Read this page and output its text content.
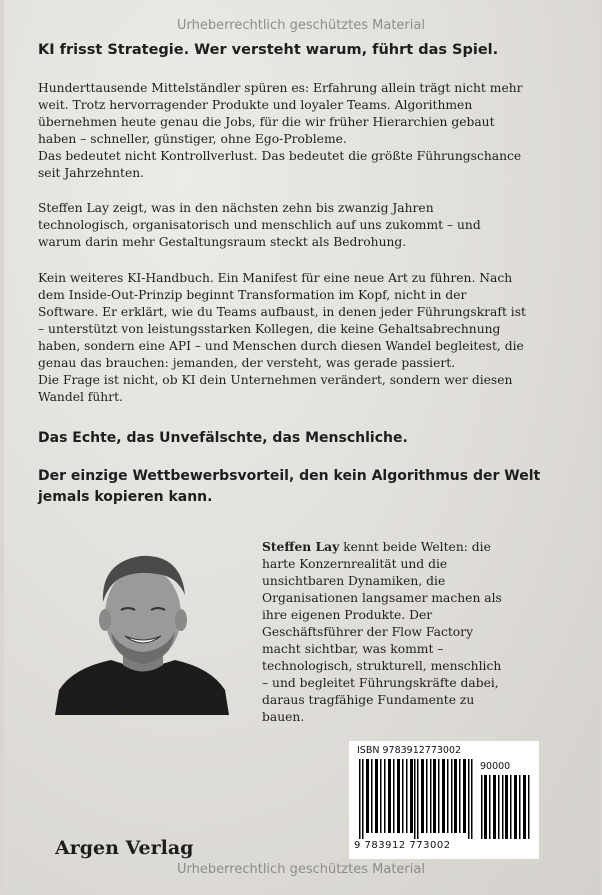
Urheberrechtlich geschütztes Material
KI frisst Strategie. Wer versteht warum, führt das Spiel.

Hunderttausende Mittelständler spüren es: Erfahrung allein trägt nicht mehr
weit. Trotz hervorragender Produkte und loyaler Teams. Algorithmen
übernehmen heute genau die Jobs, für die wir früher Hierarchien gebaut
haben – schneller, günstiger, ohne Ego-Probleme.
Das bedeutet nicht Kontrollverlust. Das bedeutet die größte Führungschance
seit Jahrzehnten.

Steffen Lay zeigt, was in den nächsten zehn bis zwanzig Jahren
technologisch, organisatorisch und menschlich auf uns zukommt – und
warum darin mehr Gestaltungsraum steckt als Bedrohung.

Kein weiteres KI-Handbuch. Ein Manifest für eine neue Art zu führen. Nach
dem Inside-Out-Prinzip beginnt Transformation im Kopf, nicht in der
Software. Er erklärt, wie du Teams aufbaust, in denen jeder Führungskraft ist
– unterstützt von leistungsstarken Kollegen, die keine Gehaltsabrechnung
haben, sondern eine API – und Menschen durch diesen Wandel begleitest, die
genau das brauchen: jemanden, der versteht, was gerade passiert.
Die Frage ist nicht, ob KI dein Unternehmen verändert, sondern wer diesen
Wandel führt.

Das Echte, das Unvefälschte, das Menschliche.

Der einzige Wettbewerbsvorteil, den kein Algorithmus der Welt
jemals kopieren kann.

Steffen Lay kennt beide Welten: die
harte Konzernrealität und die
unsichtbaren Dynamiken, die
Organisationen langsamer machen als
ihre eigenen Produkte. Der
Geschäftsführer der Flow Factory
macht sichtbar, was kommt –
technologisch, strukturell, menschlich
– und begleitet Führungskräfte dabei,
daraus tragfähige Fundamente zu
bauen.

ISBN 9783912773002
90000
9 783912 773002

Argen Verlag

Urheberrechtlich geschütztes Material
